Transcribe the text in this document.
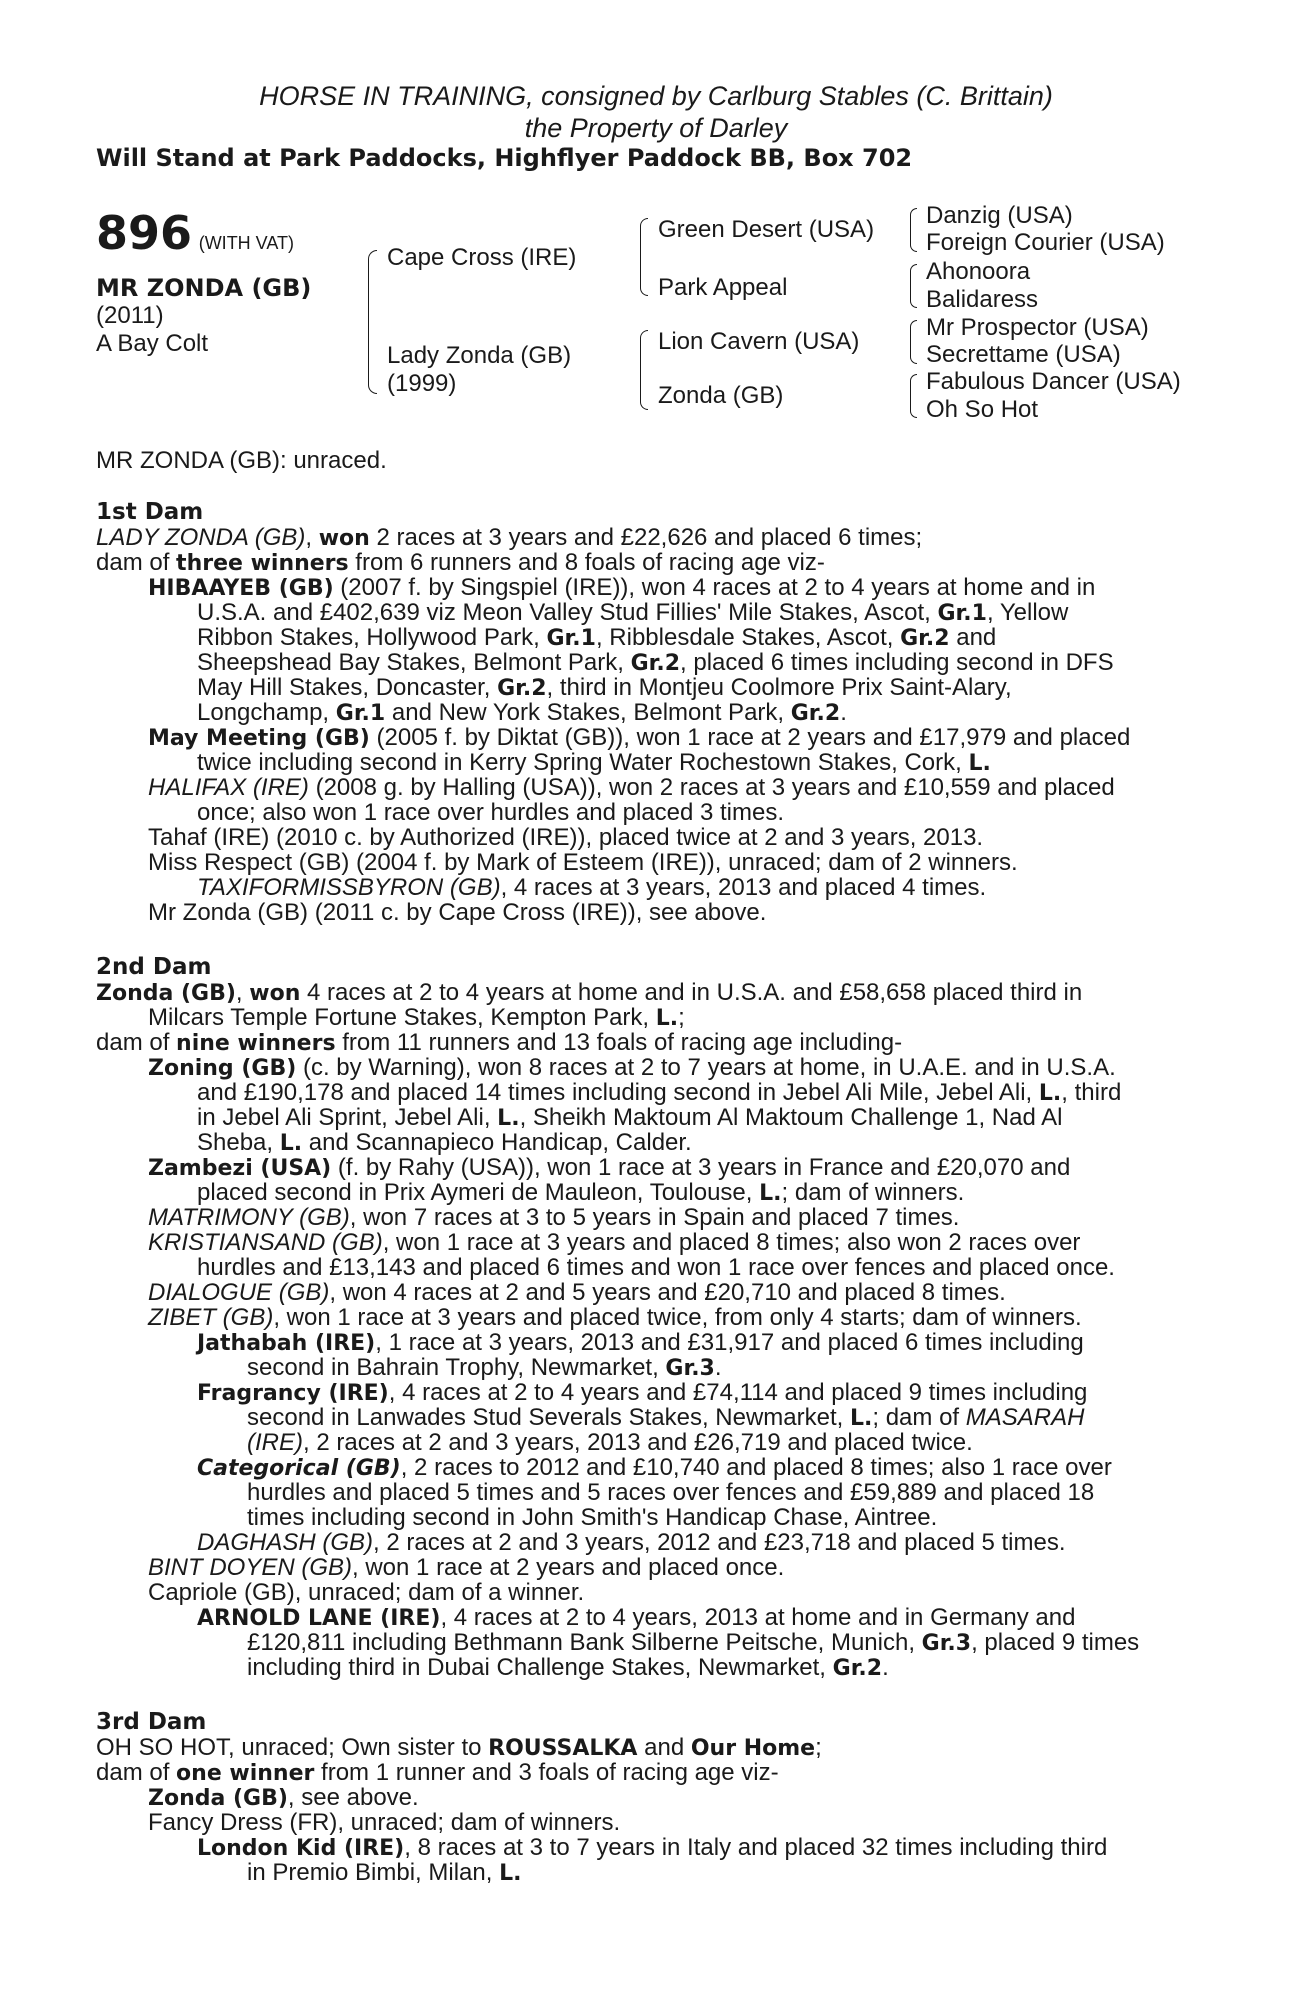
HORSE IN TRAINING, consigned by Carlburg Stables (C. Brittain)
the Property of Darley
Will Stand at Park Paddocks, Highflyer Paddock BB, Box 702
896 (WITH VAT)
MR ZONDA (GB)
(2011)
A Bay Colt
Cape Cross (IRE)
Lady Zonda (GB)
(1999)
Green Desert (USA)
Park Appeal
Lion Cavern (USA)
Zonda (GB)
Danzig (USA)
Foreign Courier (USA)
Ahonoora
Balidaress
Mr Prospector (USA)
Secrettame (USA)
Fabulous Dancer (USA)
Oh So Hot
MR ZONDA (GB): unraced.
1st Dam
LADY ZONDA (GB), won 2 races at 3 years and £22,626 and placed 6 times;
dam of three winners from 6 runners and 8 foals of racing age viz-
HIBAAYEB (GB) (2007 f. by Singspiel (IRE)), won 4 races at 2 to 4 years at home and in
U.S.A. and £402,639 viz Meon Valley Stud Fillies' Mile Stakes, Ascot, Gr.1, Yellow
Ribbon Stakes, Hollywood Park, Gr.1, Ribblesdale Stakes, Ascot, Gr.2 and
Sheepshead Bay Stakes, Belmont Park, Gr.2, placed 6 times including second in DFS
May Hill Stakes, Doncaster, Gr.2, third in Montjeu Coolmore Prix Saint-Alary,
Longchamp, Gr.1 and New York Stakes, Belmont Park, Gr.2.
May Meeting (GB) (2005 f. by Diktat (GB)), won 1 race at 2 years and £17,979 and placed
twice including second in Kerry Spring Water Rochestown Stakes, Cork, L.
HALIFAX (IRE) (2008 g. by Halling (USA)), won 2 races at 3 years and £10,559 and placed
once; also won 1 race over hurdles and placed 3 times.
Tahaf (IRE) (2010 c. by Authorized (IRE)), placed twice at 2 and 3 years, 2013.
Miss Respect (GB) (2004 f. by Mark of Esteem (IRE)), unraced; dam of 2 winners.
TAXIFORMISSBYRON (GB), 4 races at 3 years, 2013 and placed 4 times.
Mr Zonda (GB) (2011 c. by Cape Cross (IRE)), see above.
2nd Dam
Zonda (GB), won 4 races at 2 to 4 years at home and in U.S.A. and £58,658 placed third in
Milcars Temple Fortune Stakes, Kempton Park, L.;
dam of nine winners from 11 runners and 13 foals of racing age including-
Zoning (GB) (c. by Warning), won 8 races at 2 to 7 years at home, in U.A.E. and in U.S.A.
and £190,178 and placed 14 times including second in Jebel Ali Mile, Jebel Ali, L., third
in Jebel Ali Sprint, Jebel Ali, L., Sheikh Maktoum Al Maktoum Challenge 1, Nad Al
Sheba, L. and Scannapieco Handicap, Calder.
Zambezi (USA) (f. by Rahy (USA)), won 1 race at 3 years in France and £20,070 and
placed second in Prix Aymeri de Mauleon, Toulouse, L.; dam of winners.
MATRIMONY (GB), won 7 races at 3 to 5 years in Spain and placed 7 times.
KRISTIANSAND (GB), won 1 race at 3 years and placed 8 times; also won 2 races over
hurdles and £13,143 and placed 6 times and won 1 race over fences and placed once.
DIALOGUE (GB), won 4 races at 2 and 5 years and £20,710 and placed 8 times.
ZIBET (GB), won 1 race at 3 years and placed twice, from only 4 starts; dam of winners.
Jathabah (IRE), 1 race at 3 years, 2013 and £31,917 and placed 6 times including
second in Bahrain Trophy, Newmarket, Gr.3.
Fragrancy (IRE), 4 races at 2 to 4 years and £74,114 and placed 9 times including
second in Lanwades Stud Severals Stakes, Newmarket, L.; dam of MASARAH
(IRE), 2 races at 2 and 3 years, 2013 and £26,719 and placed twice.
Categorical (GB), 2 races to 2012 and £10,740 and placed 8 times; also 1 race over
hurdles and placed 5 times and 5 races over fences and £59,889 and placed 18
times including second in John Smith's Handicap Chase, Aintree.
DAGHASH (GB), 2 races at 2 and 3 years, 2012 and £23,718 and placed 5 times.
BINT DOYEN (GB), won 1 race at 2 years and placed once.
Capriole (GB), unraced; dam of a winner.
ARNOLD LANE (IRE), 4 races at 2 to 4 years, 2013 at home and in Germany and
£120,811 including Bethmann Bank Silberne Peitsche, Munich, Gr.3, placed 9 times
including third in Dubai Challenge Stakes, Newmarket, Gr.2.
3rd Dam
OH SO HOT, unraced; Own sister to ROUSSALKA and Our Home;
dam of one winner from 1 runner and 3 foals of racing age viz-
Zonda (GB), see above.
Fancy Dress (FR), unraced; dam of winners.
London Kid (IRE), 8 races at 3 to 7 years in Italy and placed 32 times including third
in Premio Bimbi, Milan, L.
